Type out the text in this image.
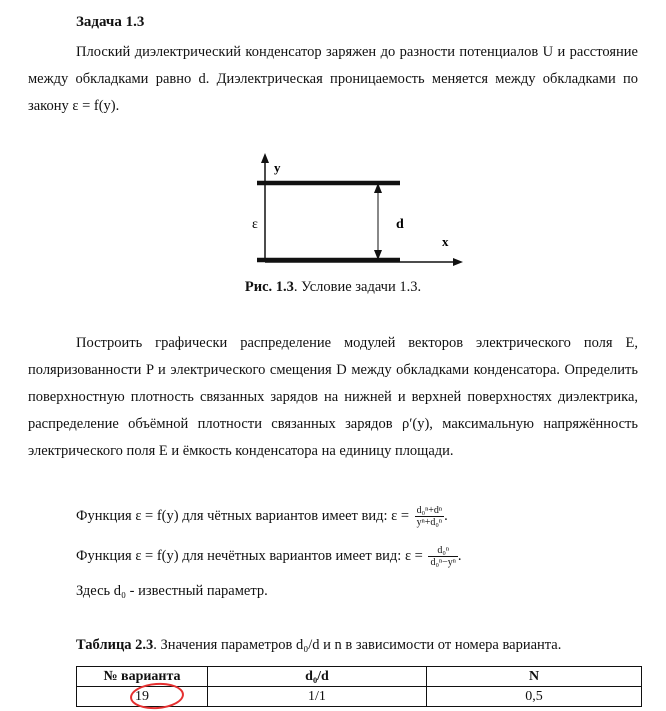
Задача 1.3
Плоский диэлектрический конденсатор заряжен до разности потенциалов U и расстояние между обкладками равно d. Диэлектрическая проницаемость меняется между обкладками по закону ε = f(y).
y
x
ε	d
Рис. 1.3. Условие задачи 1.3.
Построить графически распределение модулей векторов электрического поля E, поляризованности P и электрического смещения D между обкладками конденсатора. Определить поверхностную плотность связанных зарядов на нижней и верхней поверхностях диэлектрика, распределение объёмной плотности связанных зарядов ρ′(y), максимальную напряжённость электрического поля E и ёмкость конденсатора на единицу площади.
Функция ε = f(y) для чётных вариантов имеет вид: $\varepsilon = \frac{\text{d₀ⁿ+dⁿ}}{\text{yⁿ+d₀ⁿ}}$ .
Функция ε = f(y) для нечётных вариантов имеет вид: $\varepsilon = \frac{\text{d₀ⁿ}}{\text{d₀ⁿ−yⁿ}}$ .
Здесь d₀ - известный параметр.
Таблица 2.3. Значения параметров d₀/d и n в зависимости от номера варианта.
№ варианта	d₀/d	N
19	1/1	0,5
